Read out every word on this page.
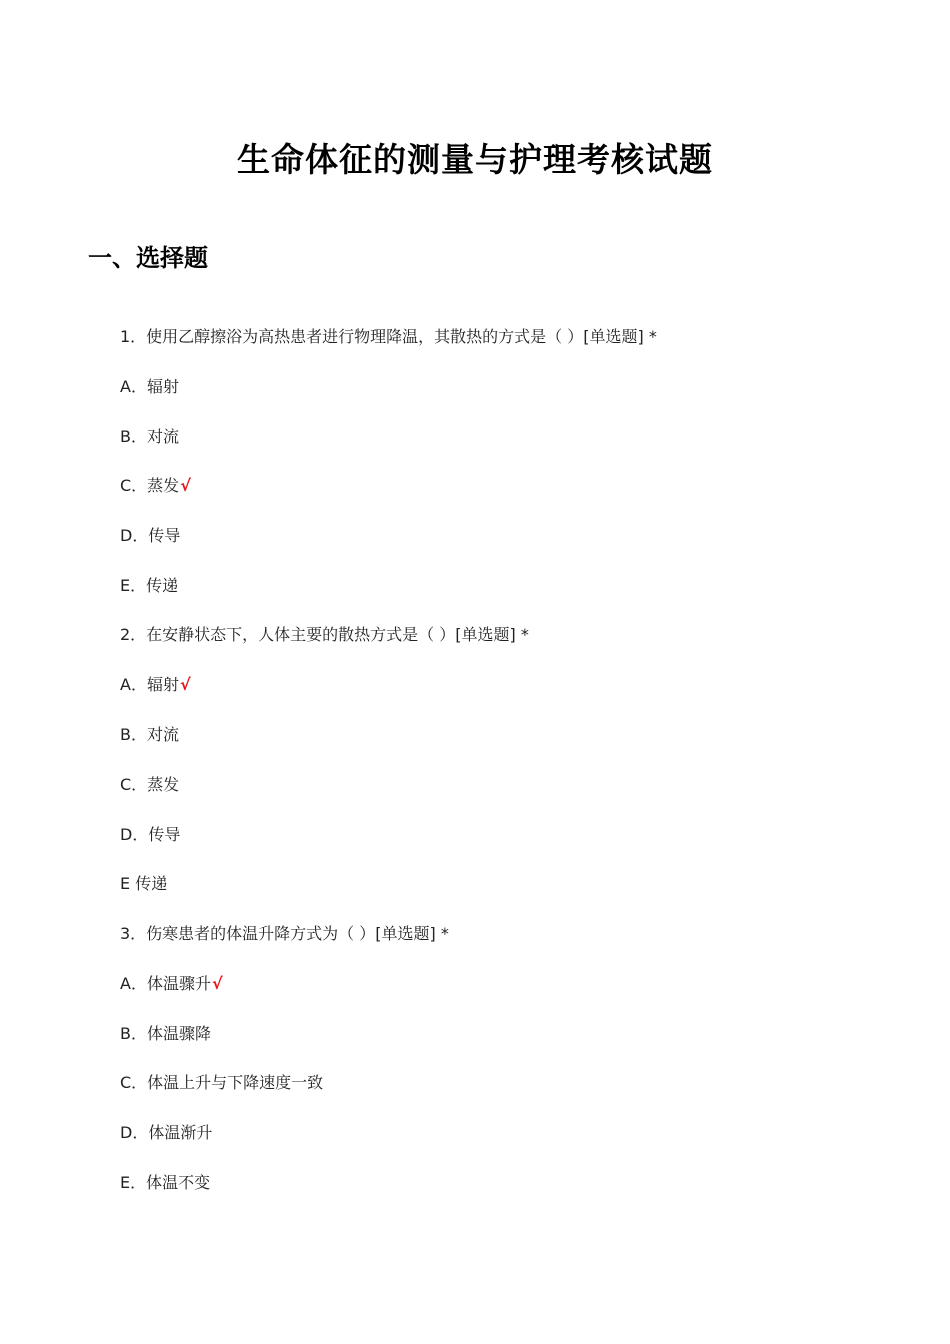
生命体征的测量与护理考核试题
一、选择题
1．使用乙醇擦浴为高热患者进行物理降温，其散热的方式是（ ）[单选题] *
A．辐射
B．对流
C．蒸发√
D．传导
E．传递
2．在安静状态下，人体主要的散热方式是（ ）[单选题] *
A．辐射√
B．对流
C．蒸发
D．传导
E 传递
3．伤寒患者的体温升降方式为（ ）[单选题] *
A．体温骤升√
B．体温骤降
C．体温上升与下降速度一致
D．体温渐升
E．体温不变
